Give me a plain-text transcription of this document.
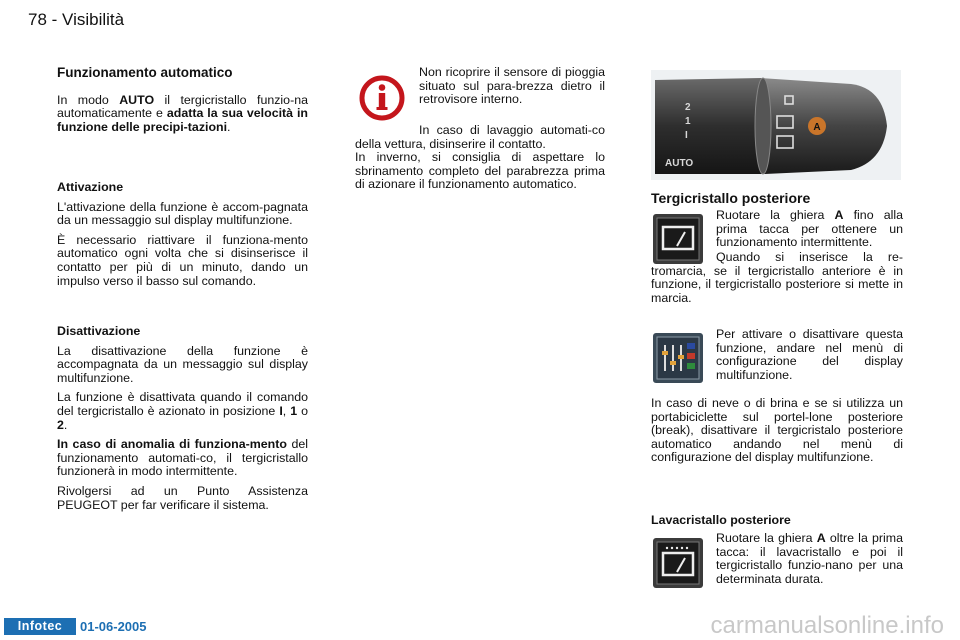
78 - Visibilità
Funzionamento automatico

In modo AUTO il tergicristallo funzio-na automaticamente e adatta la sua velocità in funzione delle precipi-tazioni.

Attivazione

L'attivazione della funzione è accom-pagnata da un messaggio sul display multifunzione.

È necessario riattivare il funziona-mento automatico ogni volta che si disinserisce il contatto per più di un minuto, dando un impulso verso il basso sul comando.

Disattivazione

La disattivazione della funzione è accompagnata da un messaggio sul display multifunzione.

La funzione è disattivata quando il comando del tergicristallo è azionato in posizione I, 1 o 2.

In caso di anomalia di funziona-mento del funzionamento automati-co, il tergicristallo funzionerà in modo intermittente.

Rivolgersi ad un Punto Assistenza PEUGEOT per far verificare il sistema.

Non ricoprire il sensore di pioggia situato sul para-brezza dietro il retrovisore interno.

In caso di lavaggio automati-co della vettura, disinserire il contatto.

In inverno, si consiglia di aspettare lo sbrinamento completo del parabrezza prima di azionare il funzionamento automatico.

2
1
I
AUTO
A
Tergicristallo posteriore

Ruotare la ghiera A fino alla prima tacca per ottenere un funzionamento intermittente.

Quando si inserisce la re-tromarcia, se il tergicristallo anteriore è in funzione, il tergicristallo posteriore si mette in marcia.

Per attivare o disattivare questa funzione, andare nel menù di configurazione del display multifunzione.

In caso di neve o di brina e se si utilizza un portabiciclette sul portel-lone posteriore (break), disattivare il tergicristalo posteriore automatico andando nel menù di configurazione del display multifunzione.

Lavacristallo posteriore

Ruotare la ghiera A oltre la prima tacca: il lavacristallo e poi il tergicristallo funzio-nano per una determinata durata.

Infotec	01-06-2005	carmanualsonline.info
